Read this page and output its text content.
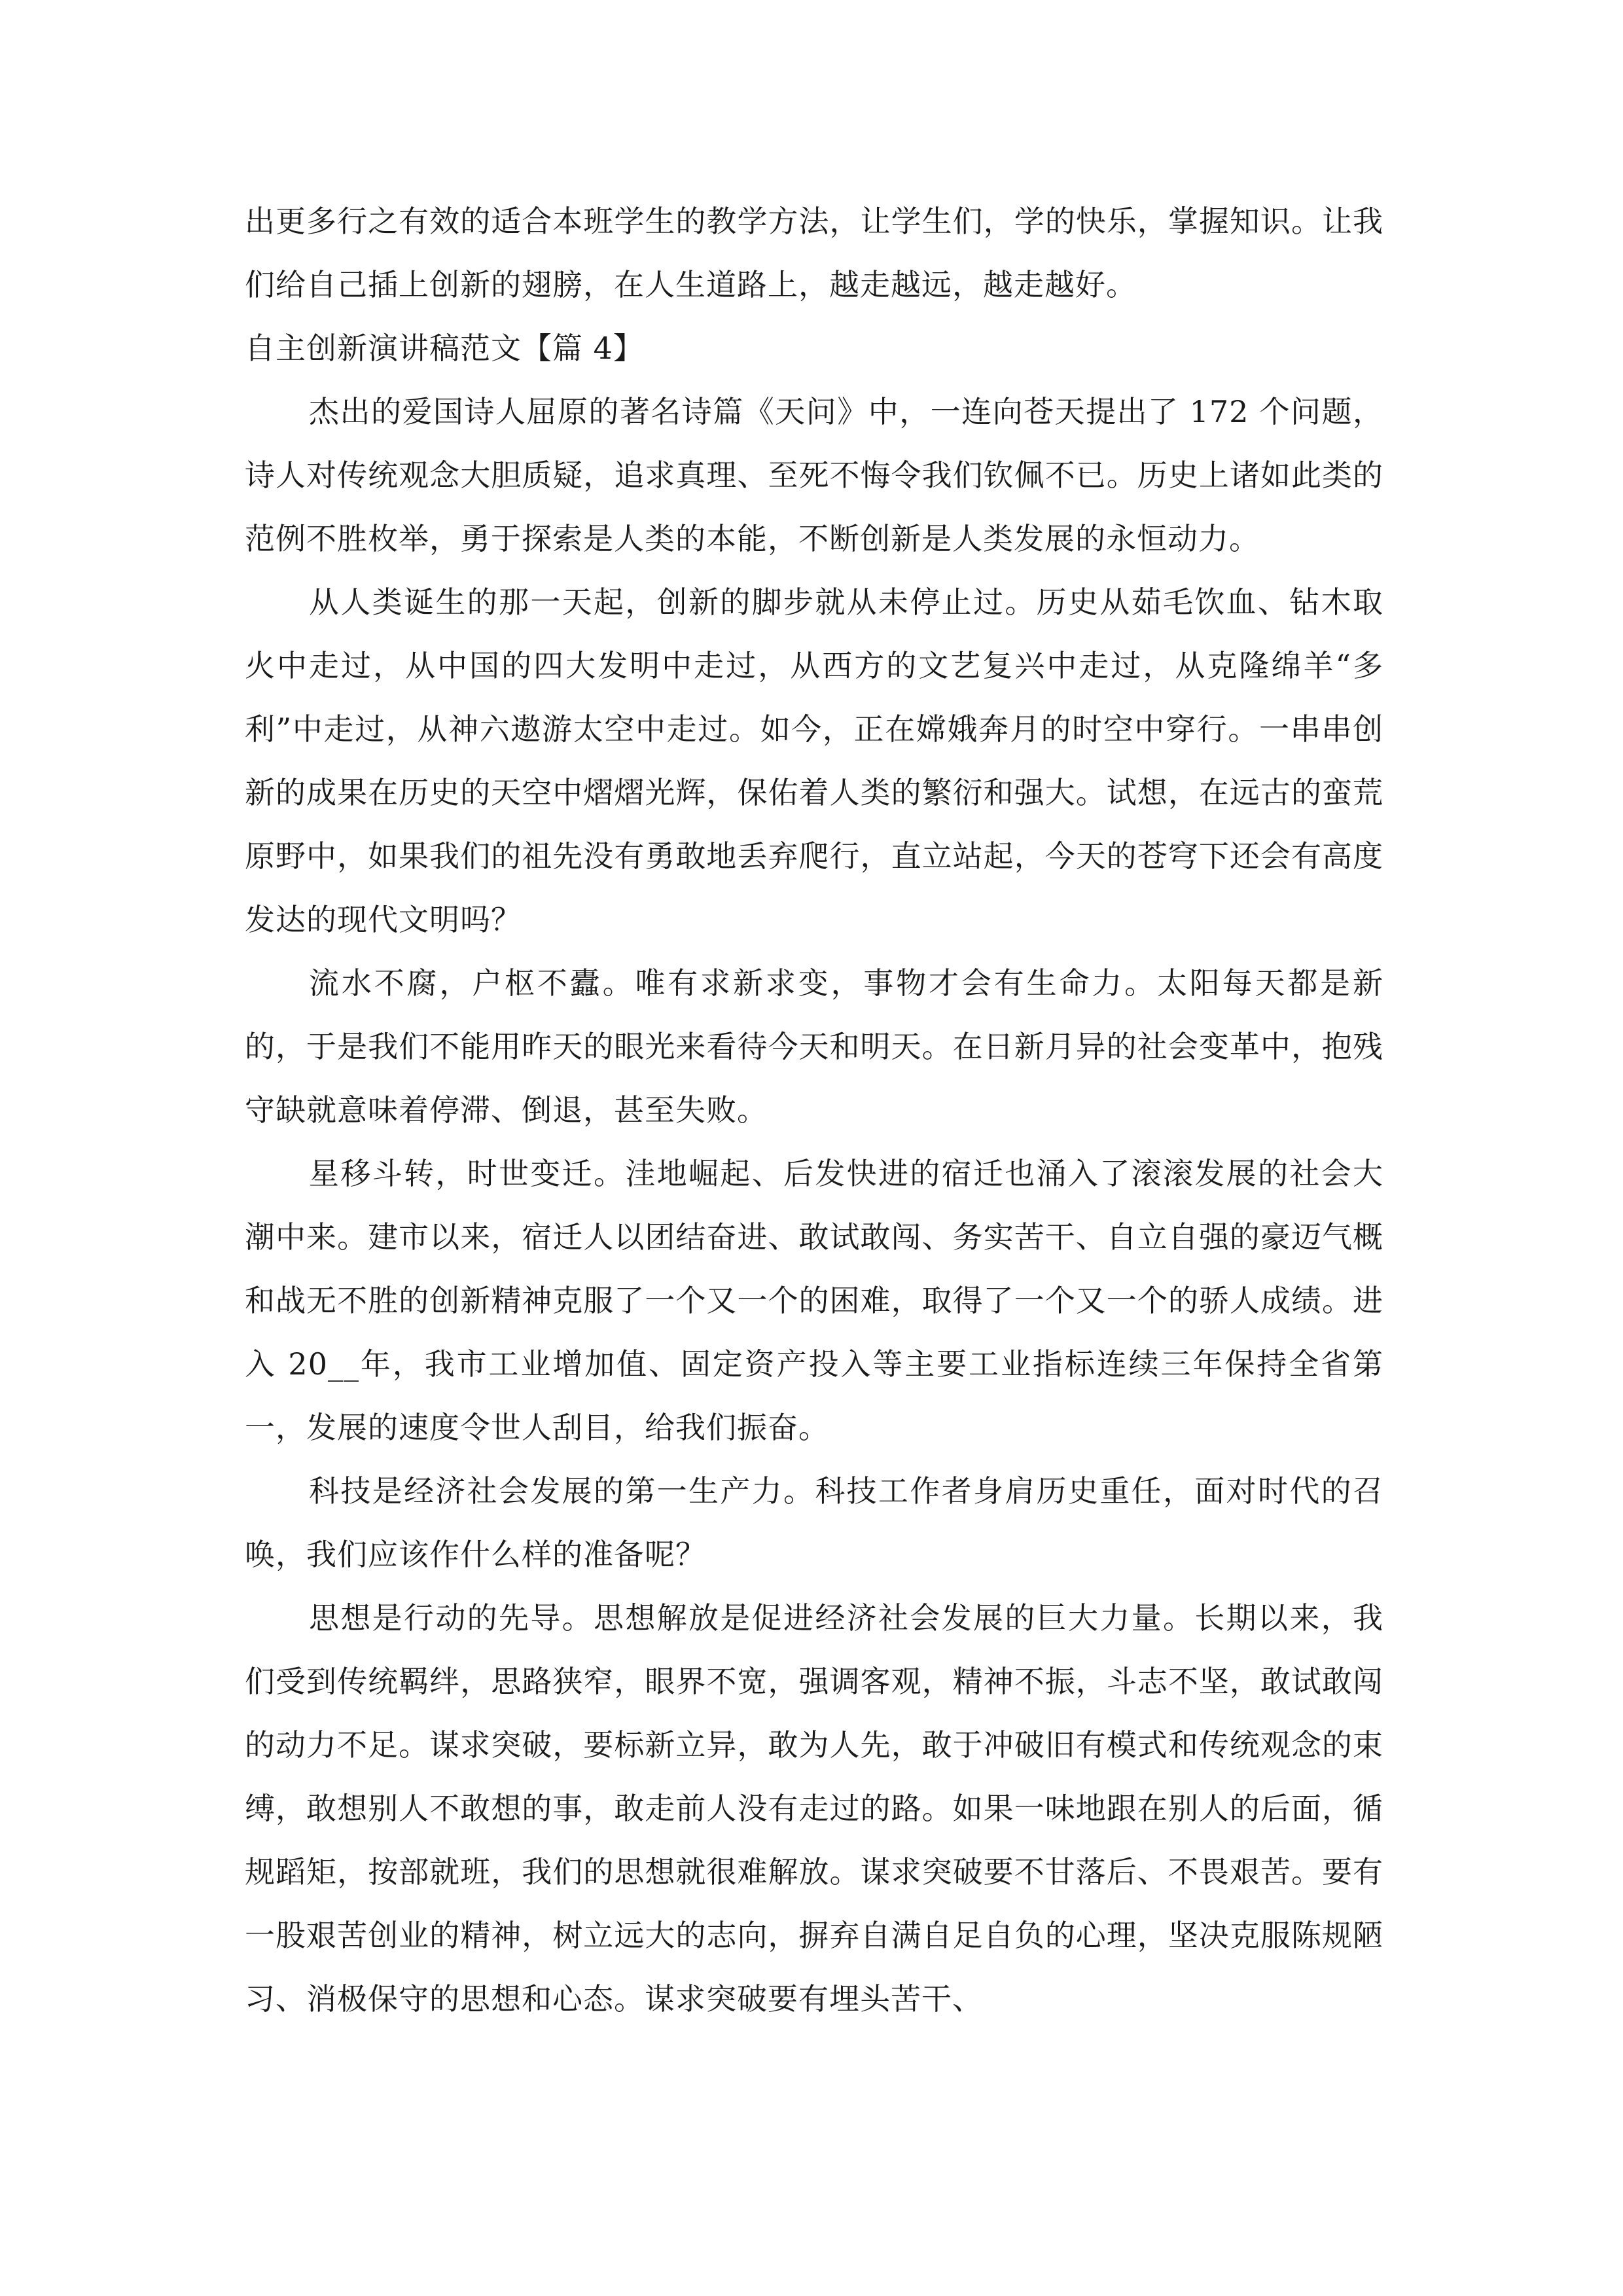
出更多行之有效的适合本班学生的教学方法，让学生们，学的快乐，掌握知识。让我们给自己插上创新的翅膀，在人生道路上，越走越远，越走越好。

自主创新演讲稿范文【篇 4】

杰出的爱国诗人屈原的著名诗篇《天问》中，一连向苍天提出了 172 个问题，诗人对传统观念大胆质疑，追求真理、至死不悔令我们钦佩不已。历史上诸如此类的范例不胜枚举，勇于探索是人类的本能，不断创新是人类发展的永恒动力。

从人类诞生的那一天起，创新的脚步就从未停止过。历史从茹毛饮血、钻木取火中走过，从中国的四大发明中走过，从西方的文艺复兴中走过，从克隆绵羊“多利”中走过，从神六遨游太空中走过。如今，正在嫦娥奔月的时空中穿行。一串串创新的成果在历史的天空中熠熠光辉，保佑着人类的繁衍和强大。试想，在远古的蛮荒原野中，如果我们的祖先没有勇敢地丢弃爬行，直立站起，今天的苍穹下还会有高度发达的现代文明吗？

流水不腐，户枢不蠹。唯有求新求变，事物才会有生命力。太阳每天都是新的，于是我们不能用昨天的眼光来看待今天和明天。在日新月异的社会变革中，抱残守缺就意味着停滞、倒退，甚至失败。

星移斗转，时世变迁。洼地崛起、后发快进的宿迁也涌入了滚滚发展的社会大潮中来。建市以来，宿迁人以团结奋进、敢试敢闯、务实苦干、自立自强的豪迈气概和战无不胜的创新精神克服了一个又一个的困难，取得了一个又一个的骄人成绩。进入 20__年，我市工业增加值、固定资产投入等主要工业指标连续三年保持全省第一，发展的速度令世人刮目，给我们振奋。

科技是经济社会发展的第一生产力。科技工作者身肩历史重任，面对时代的召唤，我们应该作什么样的准备呢？

思想是行动的先导。思想解放是促进经济社会发展的巨大力量。长期以来，我们受到传统羁绊，思路狭窄，眼界不宽，强调客观，精神不振，斗志不坚，敢试敢闯的动力不足。谋求突破，要标新立异，敢为人先，敢于冲破旧有模式和传统观念的束缚，敢想别人不敢想的事，敢走前人没有走过的路。如果一味地跟在别人的后面，循规蹈矩，按部就班，我们的思想就很难解放。谋求突破要不甘落后、不畏艰苦。要有一股艰苦创业的精神，树立远大的志向，摒弃自满自足自负的心理，坚决克服陈规陋习、消极保守的思想和心态。谋求突破要有埋头苦干、
